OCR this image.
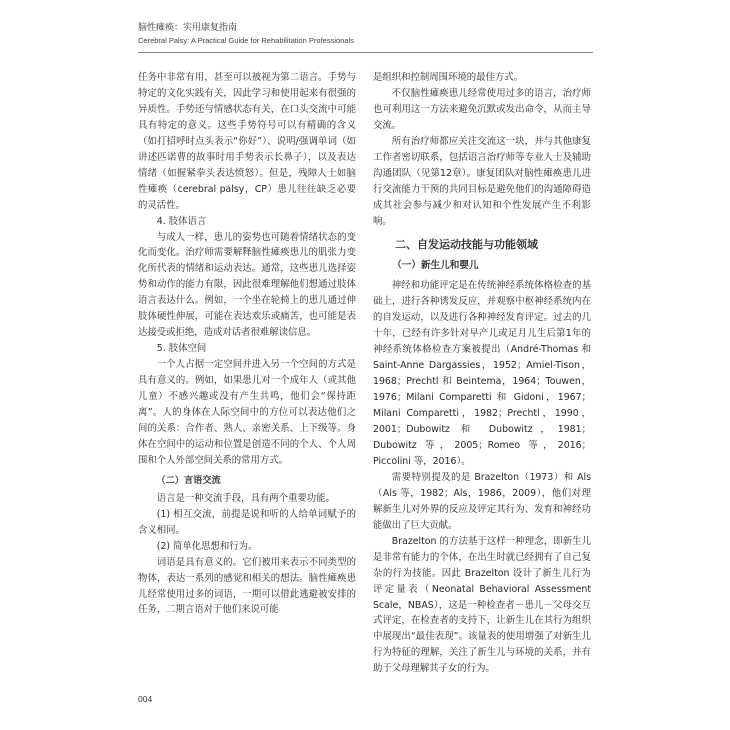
脑性瘫痪：实用康复指南
Cerebral Palsy: A Practical Guide for Rehabilitation Professionals

任务中非常有用，甚至可以被视为第二语言。手势与特定的文化实践有关，因此学习和使用起来有很强的异质性。手势还与情感状态有关，在口头交流中可能具有特定的意义。这些手势符号可以有精确的含义（如打招呼时点头表示“你好”）、说明/强调单词（如讲述匹诺曹的故事时用手势表示长鼻子），以及表达情绪（如握紧拳头表达愤怒）。但是，残障人士如脑性瘫痪（cerebral palsy，CP）患儿往往缺乏必要的灵活性。

4. 肢体语言

与成人一样，患儿的姿势也可随着情绪状态的变化而变化。治疗师需要解释脑性瘫痪患儿的肌张力变化所代表的情绪和运动表达。通常，这些患儿选择姿势和动作的能力有限，因此很难理解他们想通过肢体语言表达什么。例如，一个坐在轮椅上的患儿通过伸肢体硬性伸展，可能在表达欢乐或痛苦，也可能是表达接受或拒绝，造成对话者很难解读信息。

5. 肢体空间

一个人占据一定空间并进入另一个空间的方式是具有意义的。例如，如果患儿对一个成年人（或其他儿童）不感兴趣或没有产生共鸣，他们会“保持距离”。人的身体在人际空间中的方位可以表达他们之间的关系：合作者、熟人、亲密关系、上下级等。身体在空间中的运动和位置是创造不同的个人、个人周围和个人外部空间关系的常用方式。

（二）言语交流

语言是一种交流手段，具有两个重要功能。

(1) 相互交流，前提是说和听的人给单词赋予的含义相同。

(2) 简单化思想和行为。

词语是具有意义的。它们被用来表示不同类型的物体，表达一系列的感觉和相关的想法。脑性瘫痪患儿经常使用过多的词语，一期可以借此逃避被安排的任务，二期言语对于他们来说可能

是组织和控制周围环境的最佳方式。

不仅脑性瘫痪患儿经常使用过多的语言，治疗师也可利用这一方法来避免沉默或发出命令，从而主导交流。

所有治疗师都应关注交流这一块，并与其他康复工作者密切联系，包括语言治疗师等专业人士及辅助沟通团队（见第12章）。康复团队对脑性瘫痪患儿进行交流能力干预的共同目标是避免他们的沟通障碍造成其社会参与减少和对认知和个性发展产生不利影响。

二、自发运动技能与功能领域
（一）新生儿和婴儿

神经和功能评定是在传统神经系统体格检查的基础上，进行各种诱发反应，并观察中枢神经系统内在的自发运动，以及进行各种神经发育评定。过去的几十年，已经有许多针对早产儿或足月儿生后第1年的神经系统体格检查方案被提出（André-Thomas 和 Saint-Anne Dargassies，1952；Amiel-Tison，1968；Prechtl 和 Beintema，1964；Touwen，1976；Milani Comparetti 和 Gidoni，1967；Milani Comparetti，1982；Prechtl，1990，2001；Dubowitz 和 Dubowitz，1981；Dubowitz 等，2005；Romeo 等，2016；Piccolini 等，2016）。

需要特别提及的是 Brazelton（1973）和 Als（Als 等，1982；Als，1986，2009），他们对理解新生儿对外界的反应及评定其行为、发育和神经功能做出了巨大贡献。

Brazelton 的方法基于这样一种理念，即新生儿是非常有能力的个体，在出生时就已经拥有了自己复杂的行为技能。因此 Brazelton 设计了新生儿行为评定量表（Neonatal Behavioral Assessment Scale，NBAS），这是一种检查者－患儿－父母交互式评定，在检查者的支持下，让新生儿在其行为组织中展现出“最佳表现”。该量表的使用增强了对新生儿行为特征的理解，关注了新生儿与环境的关系，并有助于父母理解其子女的行为。

004
